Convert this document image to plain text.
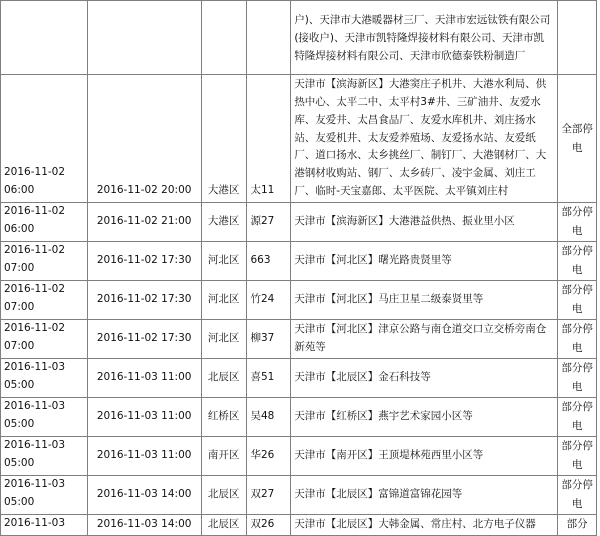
				户)、天津市大港暖器材三厂、天津市宏远钛铁有限公司(接收户)、天津市凯特隆焊接材料有限公司、天津市凯特隆焊接材料有限公司、天津市欣德泰铁粉制造厂	
2016-11-02 06:00	2016-11-02 20:00	大港区	太11	天津市【滨海新区】大港窦庄子机井、大港水利局、供热中心、太平二中、太平村3#井、三矿油井、友爱水库、友爱井、太昌食品厂、友爱水库机井、刘庄扬水站、友爱机井、太友爱养殖场、友爱扬水站、友爱纸厂、道口扬水、太乡挑丝厂、制钉厂、大港钢材厂、大港钢材收购站、钢厂、太乡砖厂、凌宇金属、刘庄工厂、临时-天宝嘉郎、太平医院、太平镇刘庄村	全部停电
2016-11-02 06:00	2016-11-02 21:00	大港区	源27	天津市【滨海新区】大港港益供热、振业里小区	部分停电
2016-11-02 07:00	2016-11-02 17:30	河北区	663	天津市【河北区】曙光路贵贤里等	部分停电
2016-11-02 07:00	2016-11-02 17:30	河北区	竹24	天津市【河北区】马庄卫星二级泰贤里等	部分停电
2016-11-02 07:00	2016-11-02 17:30	河北区	柳37	天津市【河北区】津京公路与南仓道交口立交桥旁南仓新苑等	部分停电
2016-11-03 05:00	2016-11-03 11:00	北辰区	喜51	天津市【北辰区】金石科技等	部分停电
2016-11-03 05:00	2016-11-03 11:00	红桥区	吴48	天津市【红桥区】燕宇艺术家园小区等	部分停电
2016-11-03 05:00	2016-11-03 11:00	南开区	华26	天津市【南开区】王顶堤林苑西里小区等	部分停电
2016-11-03 05:00	2016-11-03 14:00	北辰区	双27	天津市【北辰区】富锦道富锦花园等	部分停电
2016-11-03	2016-11-03 14:00	北辰区	双26	天津市【北辰区】大韩金属、常庄村、北方电子仪器	部分
